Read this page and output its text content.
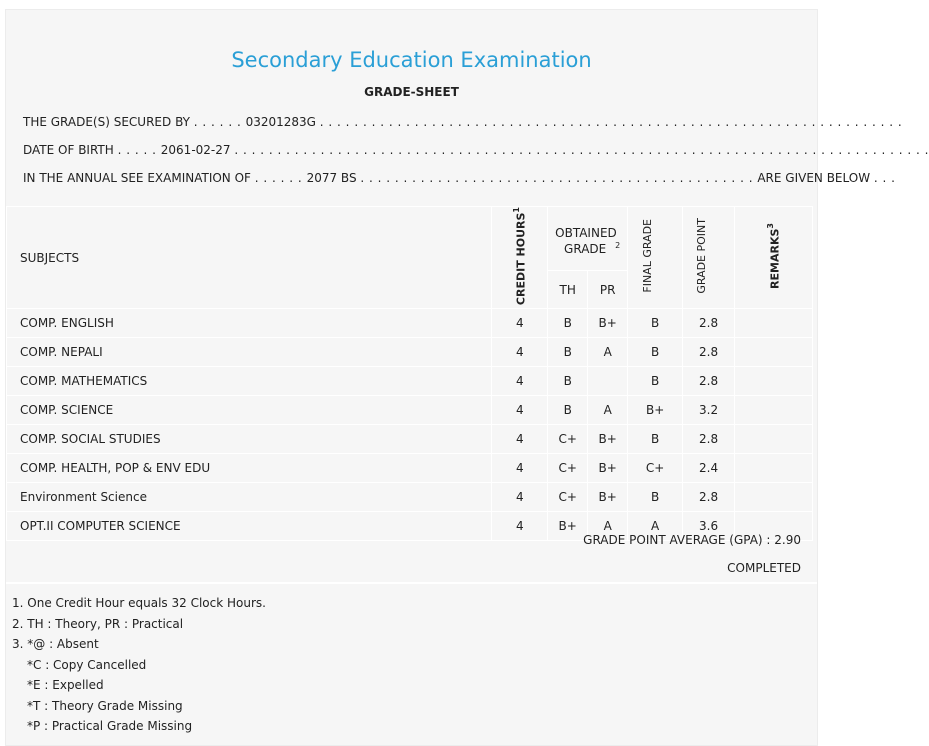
Secondary Education Examination
GRADE-SHEET
THE GRADE(S) SECURED BY . . . . . . 03201283G . . . . . . . . . . . . . . . . . . . . . . . . . . . . . . . . . . . . . . . . . . . . . . . . . . . . . . . . . . . . . . . . . . . .
DATE OF BIRTH . . . . . 2061-02-27 . . . . . . . . . . . . . . . . . . . . . . . . . . . . . . . . . . . . . . . . . . . . . . . . . . . . . . . . . . . . . . . . . . . . . . . . . . . . . . . . .
IN THE ANNUAL SEE EXAMINATION OF . . . . . . 2077 BS . . . . . . . . . . . . . . . . . . . . . . . . . . . . . . . . . . . . . . . . . . . . . . ARE GIVEN BELOW . . .
SUBJECTS	CREDIT HOURS$^1$	OBTAINED GRADE $^2$		FINAL GRADE	GRADE POINT	REMARKS$^3$
		TH	PR			
COMP. ENGLISH	4	B	B+	B	2.8	
COMP. NEPALI	4	B	A	B	2.8	
COMP. MATHEMATICS	4	B		B	2.8	
COMP. SCIENCE	4	B	A	B+	3.2	
COMP. SOCIAL STUDIES	4	C+	B+	B	2.8	
COMP. HEALTH, POP & ENV EDU	4	C+	B+	C+	2.4	
Environment Science	4	C+	B+	B	2.8	
OPT.II COMPUTER SCIENCE	4	B+	A	A	3.6	
GRADE POINT AVERAGE (GPA) : 2.90
COMPLETED
1. One Credit Hour equals 32 Clock Hours.
2. TH : Theory, PR : Practical
3. *@ : Absent
*C : Copy Cancelled
*E : Expelled
*T : Theory Grade Missing
*P : Practical Grade Missing
